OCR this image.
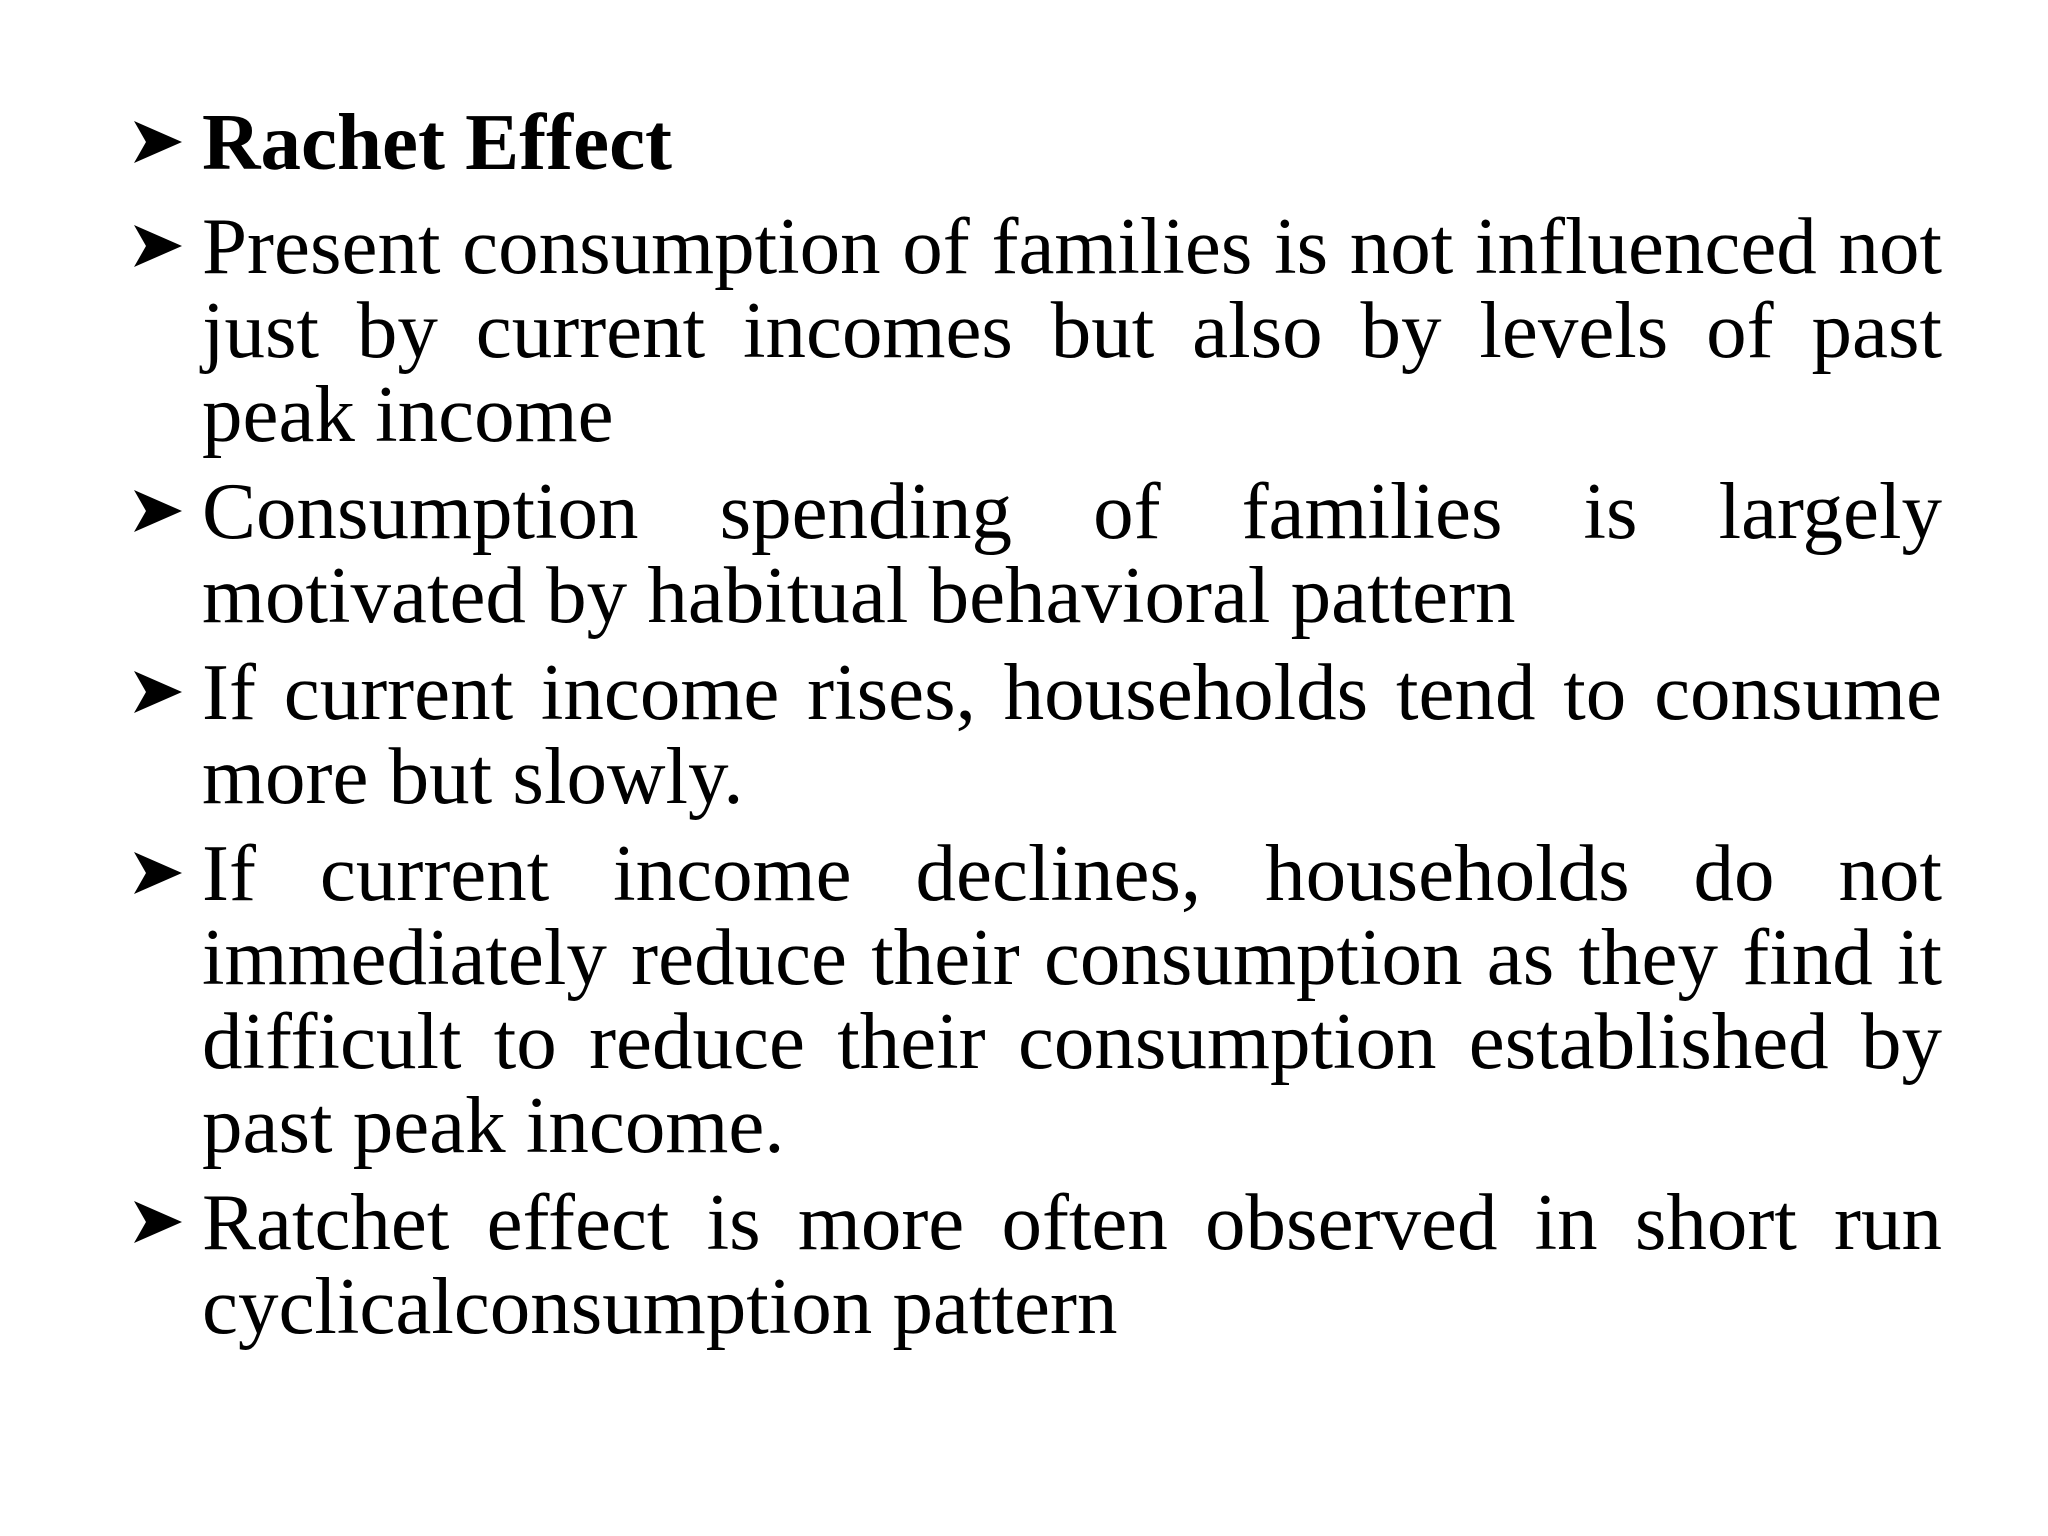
Rachet Effect
Present consumption of families is not influenced not just by current incomes but also by levels of past peak income
Consumption spending of families is largely motivated by habitual behavioral pattern
If current income rises, households tend to consume more but slowly.
If current income declines, households do not immediately reduce their consumption as they find it difficult to reduce their consumption established by past peak income.
Ratchet effect is more often observed in short run cyclicalconsumption pattern
